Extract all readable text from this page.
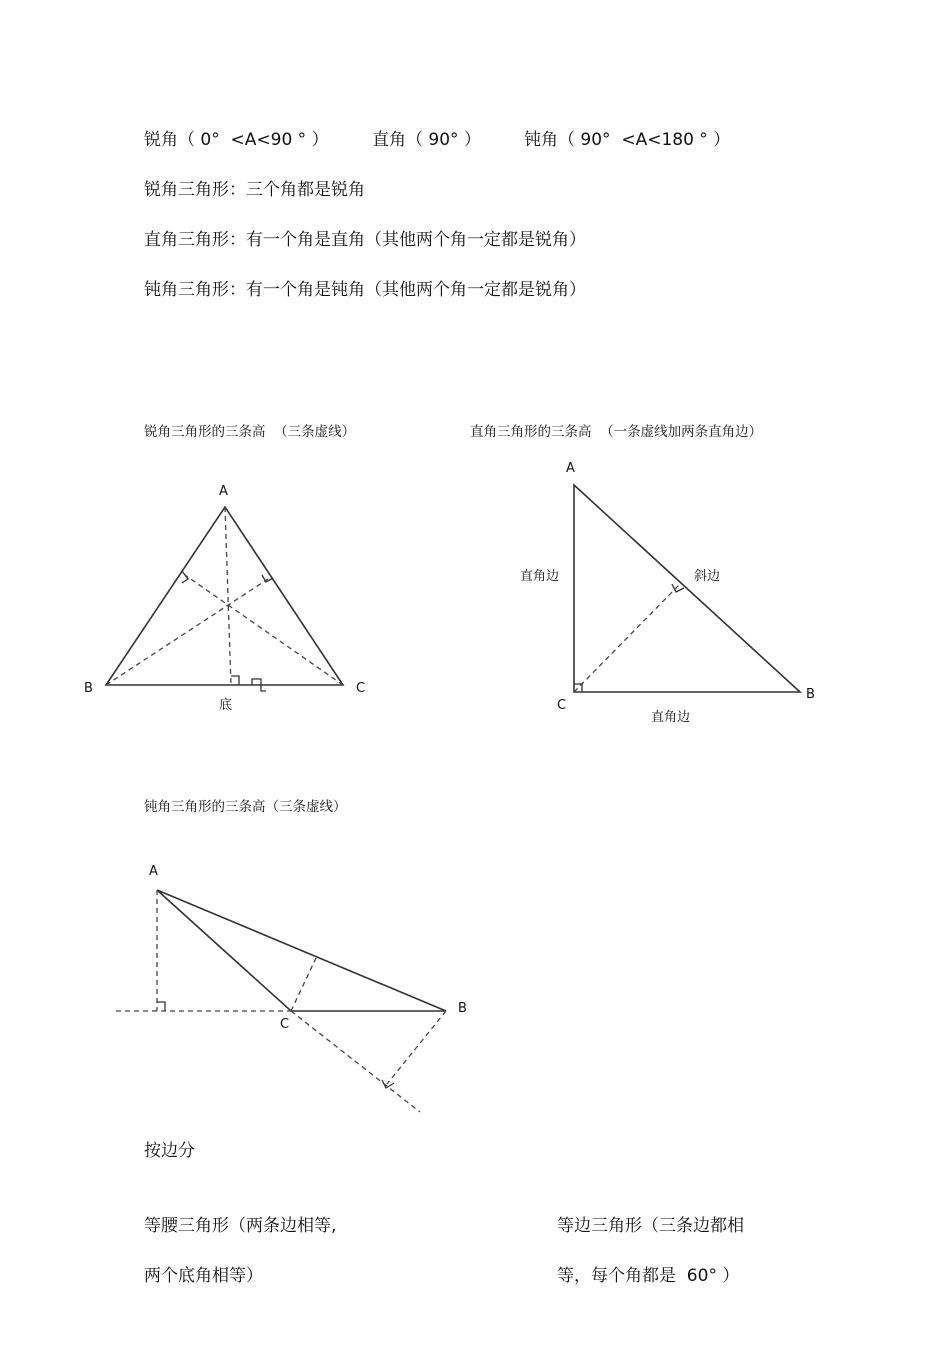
锐角（ 0°  <A<90 ° ）	直角（ 90° ）	钝角（ 90°  <A<180 ° ）
锐角三角形：三个角都是锐角
直角三角形：有一个角是直角（其他两个角一定都是锐角）
钝角三角形：有一个角是钝角（其他两个角一定都是锐角）
锐角三角形的三条高  （三条虚线）	直角三角形的三条高  （一条虚线加两条直角边）
钝角三角形的三条高（三条虚线）
A
B	C
底
A
直角边	斜边
C
B
直角边
A
C
B
按边分
等腰三角形（两条边相等,
两个底角相等）
等边三角形（三条边都相
等，每个角都是  60° ）
